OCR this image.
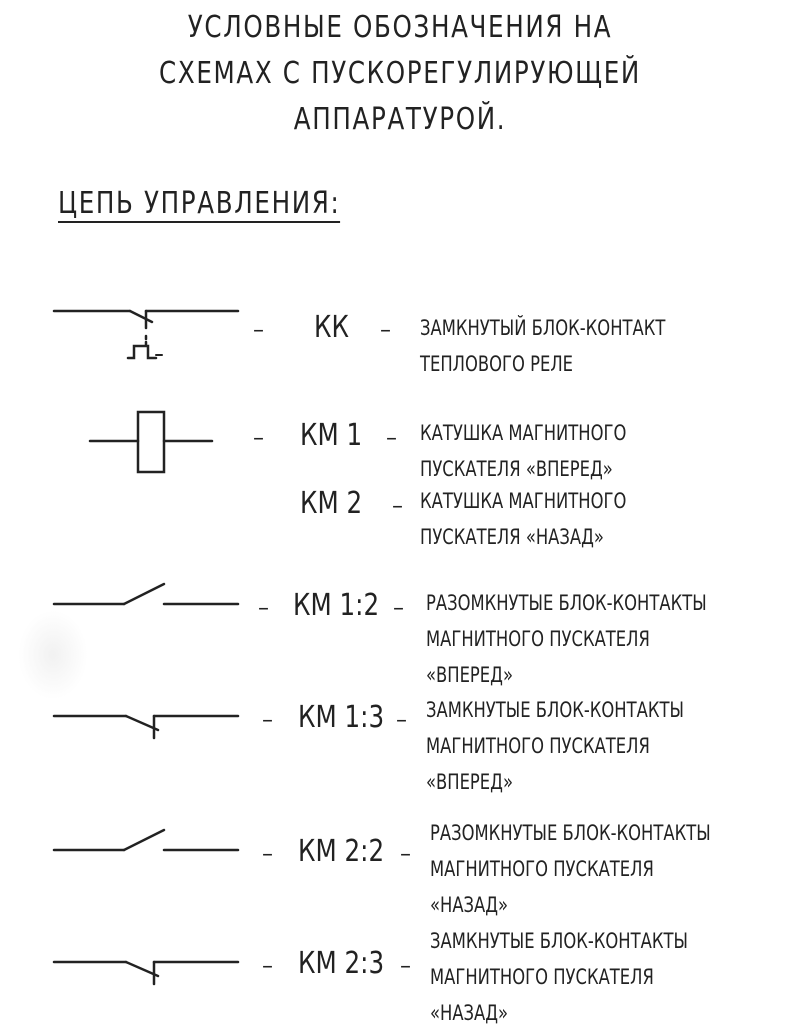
УСЛОВНЫЕ ОБОЗНАЧЕНИЯ НА
СХЕМАХ С ПУСКОРЕГУЛИРУЮЩЕЙ
АППАРАТУРОЙ.
ЦЕПЬ УПРАВЛЕНИЯ:
– КК – ЗАМКНУТЫЙ БЛОК-КОНТАКТ
ТЕПЛОВОГО РЕЛЕ
– КМ 1 – КАТУШКА МАГНИТНОГО
ПУСКАТЕЛЯ «ВПЕРЕД»
КМ 2 – КАТУШКА МАГНИТНОГО
ПУСКАТЕЛЯ «НАЗАД»
– КМ 1:2 – РАЗОМКНУТЫЕ БЛОК-КОНТАКТЫ
МАГНИТНОГО ПУСКАТЕЛЯ
«ВПЕРЕД»
– КМ 1:3 – ЗАМКНУТЫЕ БЛОК-КОНТАКТЫ
МАГНИТНОГО ПУСКАТЕЛЯ
«ВПЕРЕД»
– КМ 2:2 –
РАЗОМКНУТЫЕ БЛОК-КОНТАКТЫ
МАГНИТНОГО ПУСКАТЕЛЯ
«НАЗАД»
– КМ 2:3 –
ЗАМКНУТЫЕ БЛОК-КОНТАКТЫ
МАГНИТНОГО ПУСКАТЕЛЯ
«НАЗАД»
